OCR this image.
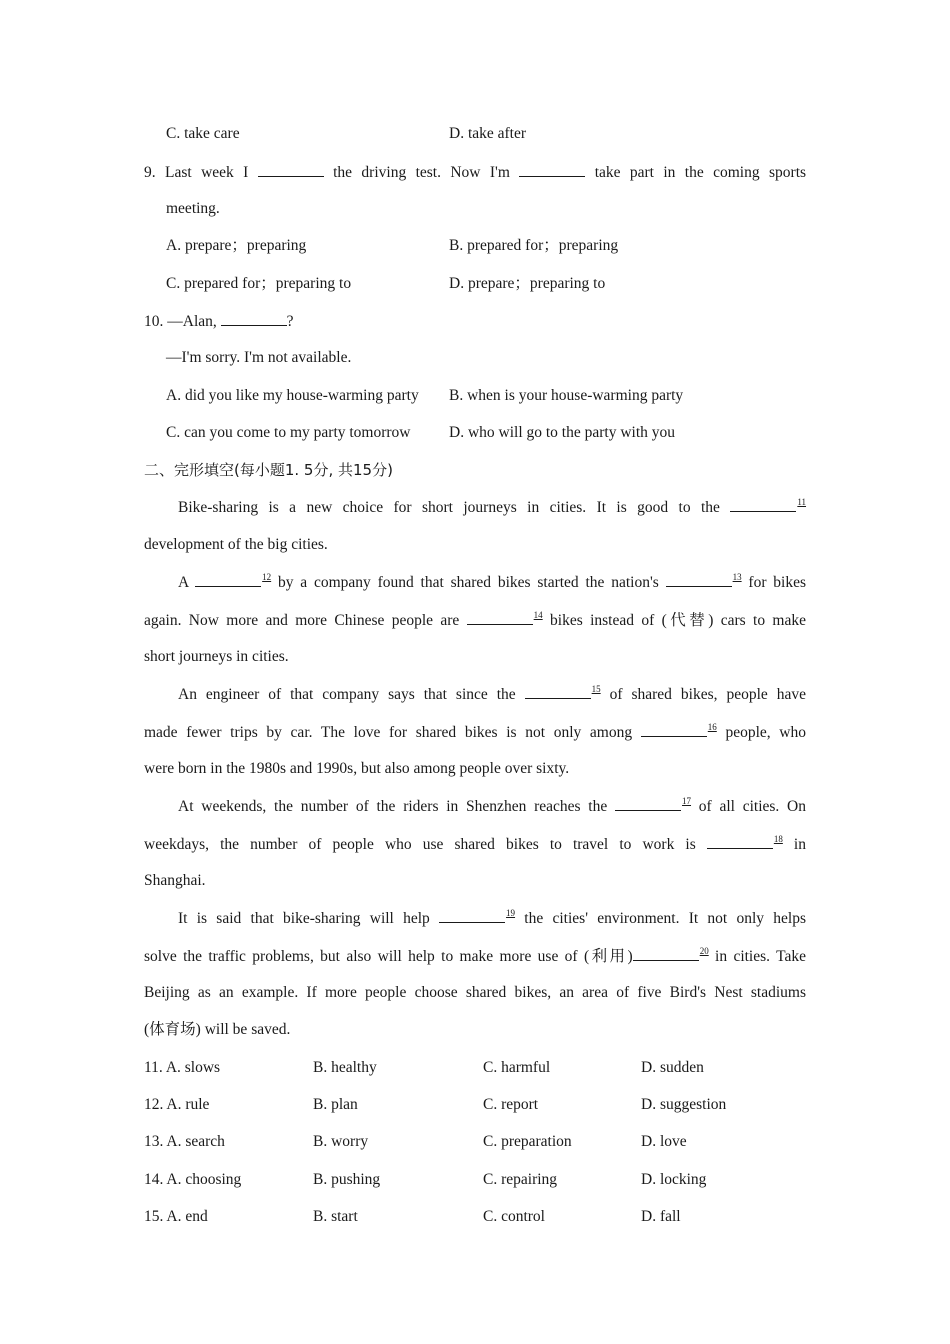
C. take care	D. take after
9. Last week I	the driving test. Now I'm	take part in the coming sports
meeting.
A. prepare；preparing	B. prepared for；preparing
C. prepared for；preparing to	D. prepare；preparing to
10. —Alan,	?
—I'm sorry. I'm not available.
A. did you like my house-warming party B. when is your house-warming party
C. can you come to my party tomorrow D. who will go to the party with you
二、完形填空(每小题1. 5分, 共15分)
Bike-sharing is a new choice for short journeys in cities. It is good to the	$^{11}$
development of the big cities.
A	$^{12}$ by a company found that shared bikes started the nation's	$^{13}$ for bikes
again. Now more and more Chinese people are	$^{14}$ bikes instead of (代替) cars to make
short journeys in cities.
An engineer of that company says that since the	$^{15}$ of shared bikes, people have
made fewer trips by car. The love for shared bikes is not only among	$^{16}$ people, who
were born in the 1980s and 1990s, but also among people over sixty.
At weekends, the number of the riders in Shenzhen reaches the	$^{17}$ of all cities. On
weekdays, the number of people who use shared bikes to travel to work is	$^{18}$ in
Shanghai.
It is said that bike-sharing will help	$^{19}$ the cities' environment. It not only helps
solve the traffic problems, but also will help to make more use of (利用)	$^{20}$ in cities. Take
Beijing as an example. If more people choose shared bikes, an area of five Bird's Nest stadiums
(体育场) will be saved.
11. A. slows	B. healthy	C. harmful	D. sudden
12. A. rule	B. plan	C. report	D. suggestion
13. A. search	B. worry	C. preparation	D. love
14. A. choosing	B. pushing	C. repairing	D. locking
15. A. end	B. start	C. control	D. fall
